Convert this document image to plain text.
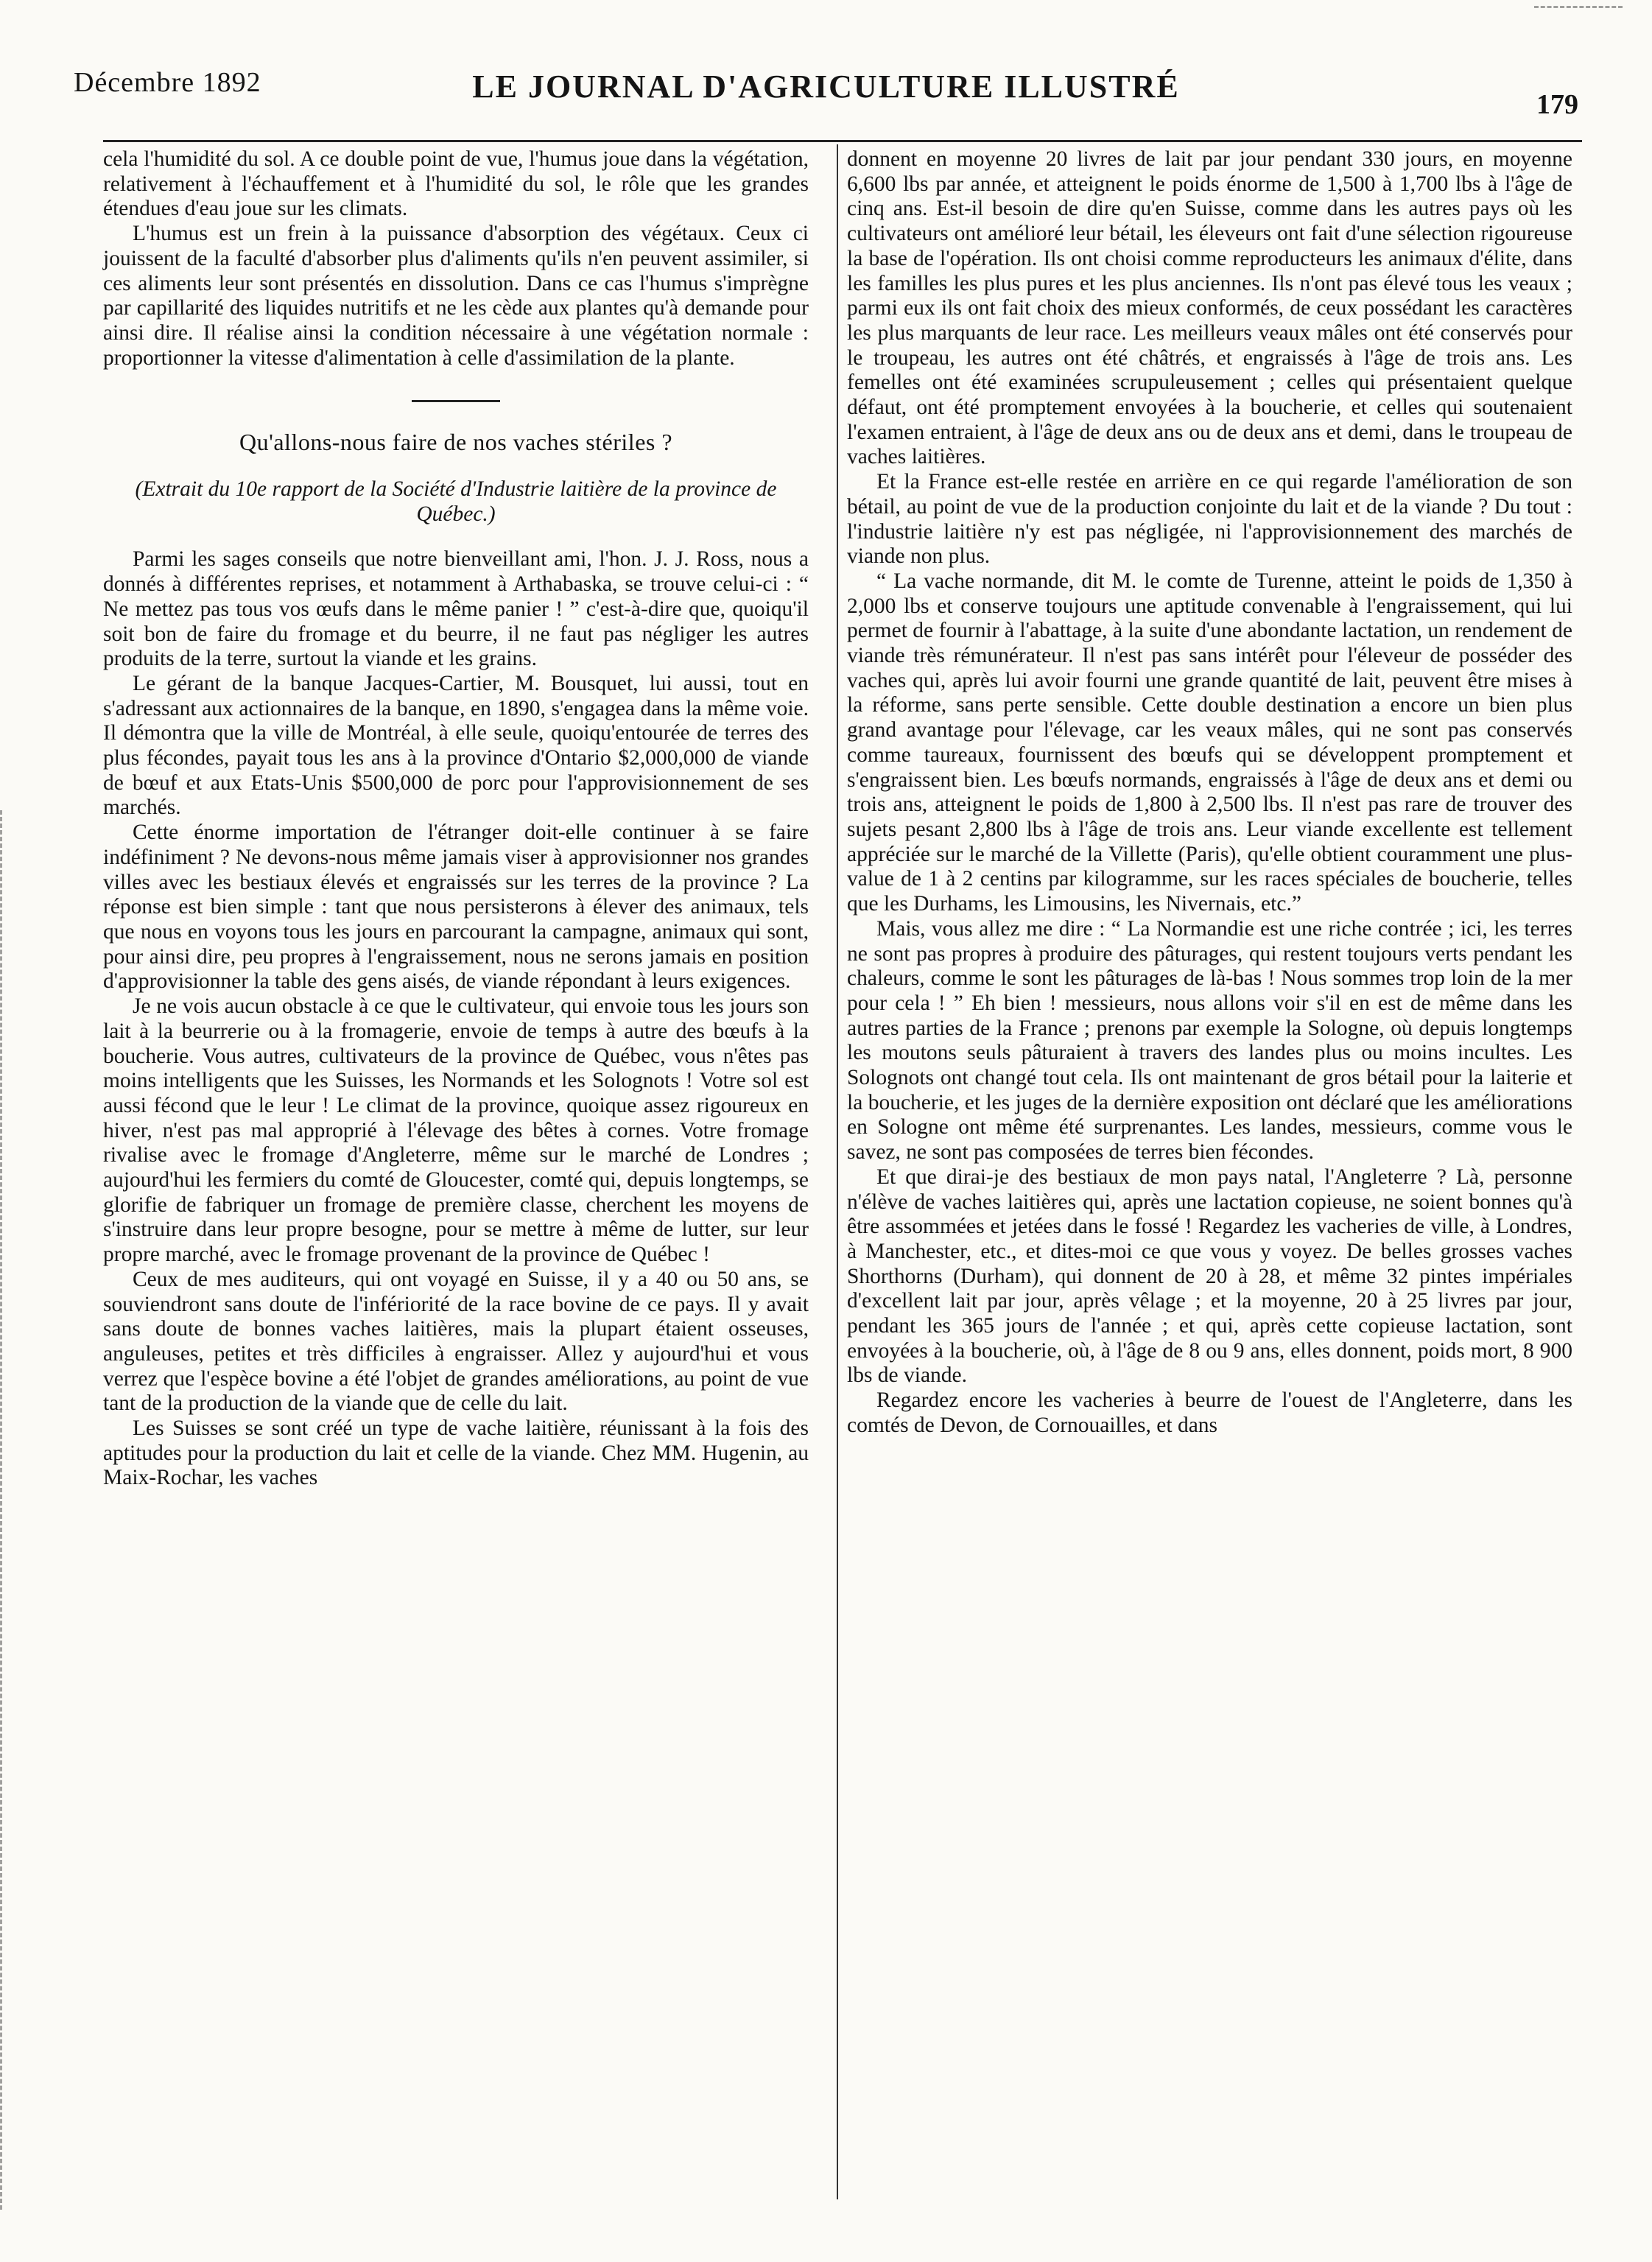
Décembre 1892	LE JOURNAL D'AGRICULTURE ILLUSTRÉ	179

cela l'humidité du sol. A ce double point de vue, l'humus joue dans la végétation, relativement à l'échauffement et à l'humidité du sol, le rôle que les grandes étendues d'eau joue sur les climats.

L'humus est un frein à la puissance d'absorption des végétaux. Ceux ci jouissent de la faculté d'absorber plus d'aliments qu'ils n'en peuvent assimiler, si ces aliments leur sont présentés en dissolution. Dans ce cas l'humus s'imprègne par capillarité des liquides nutritifs et ne les cède aux plantes qu'à demande pour ainsi dire. Il réalise ainsi la condition nécessaire à une végétation normale : proportionner la vitesse d'alimentation à celle d'assimilation de la plante.

Qu'allons-nous faire de nos vaches stériles ?
(Extrait du 10e rapport de la Société d'Industrie laitière de la province de Québec.)

Parmi les sages conseils que notre bienveillant ami, l'hon. J. J. Ross, nous a donnés à différentes reprises, et notamment à Arthabaska, se trouve celui-ci : “ Ne mettez pas tous vos œufs dans le même panier ! ” c'est-à-dire que, quoiqu'il soit bon de faire du fromage et du beurre, il ne faut pas négliger les autres produits de la terre, surtout la viande et les grains.

Le gérant de la banque Jacques-Cartier, M. Bousquet, lui aussi, tout en s'adressant aux actionnaires de la banque, en 1890, s'engagea dans la même voie. Il démontra que la ville de Montréal, à elle seule, quoiqu'entourée de terres des plus fécondes, payait tous les ans à la province d'Ontario $2,000,000 de viande de bœuf et aux Etats-Unis $500,000 de porc pour l'approvisionnement de ses marchés.

Cette énorme importation de l'étranger doit-elle continuer à se faire indéfiniment ? Ne devons-nous même jamais viser à approvisionner nos grandes villes avec les bestiaux élevés et engraissés sur les terres de la province ? La réponse est bien simple : tant que nous persisterons à élever des animaux, tels que nous en voyons tous les jours en parcourant la campagne, animaux qui sont, pour ainsi dire, peu propres à l'engraissement, nous ne serons jamais en position d'approvisionner la table des gens aisés, de viande répondant à leurs exigences.

Je ne vois aucun obstacle à ce que le cultivateur, qui envoie tous les jours son lait à la beurrerie ou à la fromagerie, envoie de temps à autre des bœufs à la boucherie. Vous autres, cultivateurs de la province de Québec, vous n'êtes pas moins intelligents que les Suisses, les Normands et les Solognots ! Votre sol est aussi fécond que le leur ! Le climat de la province, quoique assez rigoureux en hiver, n'est pas mal approprié à l'élevage des bêtes à cornes. Votre fromage rivalise avec le fromage d'Angleterre, même sur le marché de Londres ; aujourd'hui les fermiers du comté de Gloucester, comté qui, depuis longtemps, se glorifie de fabriquer un fromage de première classe, cherchent les moyens de s'instruire dans leur propre besogne, pour se mettre à même de lutter, sur leur propre marché, avec le fromage provenant de la province de Québec !

Ceux de mes auditeurs, qui ont voyagé en Suisse, il y a 40 ou 50 ans, se souviendront sans doute de l'infériorité de la race bovine de ce pays. Il y avait sans doute de bonnes vaches laitières, mais la plupart étaient osseuses, anguleuses, petites et très difficiles à engraisser. Allez y aujourd'hui et vous verrez que l'espèce bovine a été l'objet de grandes améliorations, au point de vue tant de la production de la viande que de celle du lait.

Les Suisses se sont créé un type de vache laitière, réunissant à la fois des aptitudes pour la production du lait et celle de la viande. Chez MM. Hugenin, au Maix-Rochar, les vaches

donnent en moyenne 20 livres de lait par jour pendant 330 jours, en moyenne 6,600 lbs par année, et atteignent le poids énorme de 1,500 à 1,700 lbs à l'âge de cinq ans. Est-il besoin de dire qu'en Suisse, comme dans les autres pays où les cultivateurs ont amélioré leur bétail, les éleveurs ont fait d'une sélection rigoureuse la base de l'opération. Ils ont choisi comme reproducteurs les animaux d'élite, dans les familles les plus pures et les plus anciennes. Ils n'ont pas élevé tous les veaux ; parmi eux ils ont fait choix des mieux conformés, de ceux possédant les caractères les plus marquants de leur race. Les meilleurs veaux mâles ont été conservés pour le troupeau, les autres ont été châtrés, et engraissés à l'âge de trois ans. Les femelles ont été examinées scrupuleusement ; celles qui présentaient quelque défaut, ont été promptement envoyées à la boucherie, et celles qui soutenaient l'examen entraient, à l'âge de deux ans ou de deux ans et demi, dans le troupeau de vaches laitières.

Et la France est-elle restée en arrière en ce qui regarde l'amélioration de son bétail, au point de vue de la production conjointe du lait et de la viande ? Du tout : l'industrie laitière n'y est pas négligée, ni l'approvisionnement des marchés de viande non plus.

“ La vache normande, dit M. le comte de Turenne, atteint le poids de 1,350 à 2,000 lbs et conserve toujours une aptitude convenable à l'engraissement, qui lui permet de fournir à l'abattage, à la suite d'une abondante lactation, un rendement de viande très rémunérateur. Il n'est pas sans intérêt pour l'éleveur de posséder des vaches qui, après lui avoir fourni une grande quantité de lait, peuvent être mises à la réforme, sans perte sensible. Cette double destination a encore un bien plus grand avantage pour l'élevage, car les veaux mâles, qui ne sont pas conservés comme taureaux, fournissent des bœufs qui se développent promptement et s'engraissent bien. Les bœufs normands, engraissés à l'âge de deux ans et demi ou trois ans, atteignent le poids de 1,800 à 2,500 lbs. Il n'est pas rare de trouver des sujets pesant 2,800 lbs à l'âge de trois ans. Leur viande excellente est tellement appréciée sur le marché de la Villette (Paris), qu'elle obtient couramment une plus-value de 1 à 2 centins par kilogramme, sur les races spéciales de boucherie, telles que les Durhams, les Limousins, les Nivernais, etc.”

Mais, vous allez me dire : “ La Normandie est une riche contrée ; ici, les terres ne sont pas propres à produire des pâturages, qui restent toujours verts pendant les chaleurs, comme le sont les pâturages de là-bas ! Nous sommes trop loin de la mer pour cela ! ” Eh bien ! messieurs, nous allons voir s'il en est de même dans les autres parties de la France ; prenons par exemple la Sologne, où depuis longtemps les moutons seuls pâturaient à travers des landes plus ou moins incultes. Les Solognots ont changé tout cela. Ils ont maintenant de gros bétail pour la laiterie et la boucherie, et les juges de la dernière exposition ont déclaré que les améliorations en Sologne ont même été surprenantes. Les landes, messieurs, comme vous le savez, ne sont pas composées de terres bien fécondes.

Et que dirai-je des bestiaux de mon pays natal, l'Angleterre ? Là, personne n'élève de vaches laitières qui, après une lactation copieuse, ne soient bonnes qu'à être assommées et jetées dans le fossé ! Regardez les vacheries de ville, à Londres, à Manchester, etc., et dites-moi ce que vous y voyez. De belles grosses vaches Shorthorns (Durham), qui donnent de 20 à 28, et même 32 pintes impériales d'excellent lait par jour, après vêlage ; et la moyenne, 20 à 25 livres par jour, pendant les 365 jours de l'année ; et qui, après cette copieuse lactation, sont envoyées à la boucherie, où, à l'âge de 8 ou 9 ans, elles donnent, poids mort, 8 900 lbs de viande.

Regardez encore les vacheries à beurre de l'ouest de l'Angleterre, dans les comtés de Devon, de Cornouailles, et dans
